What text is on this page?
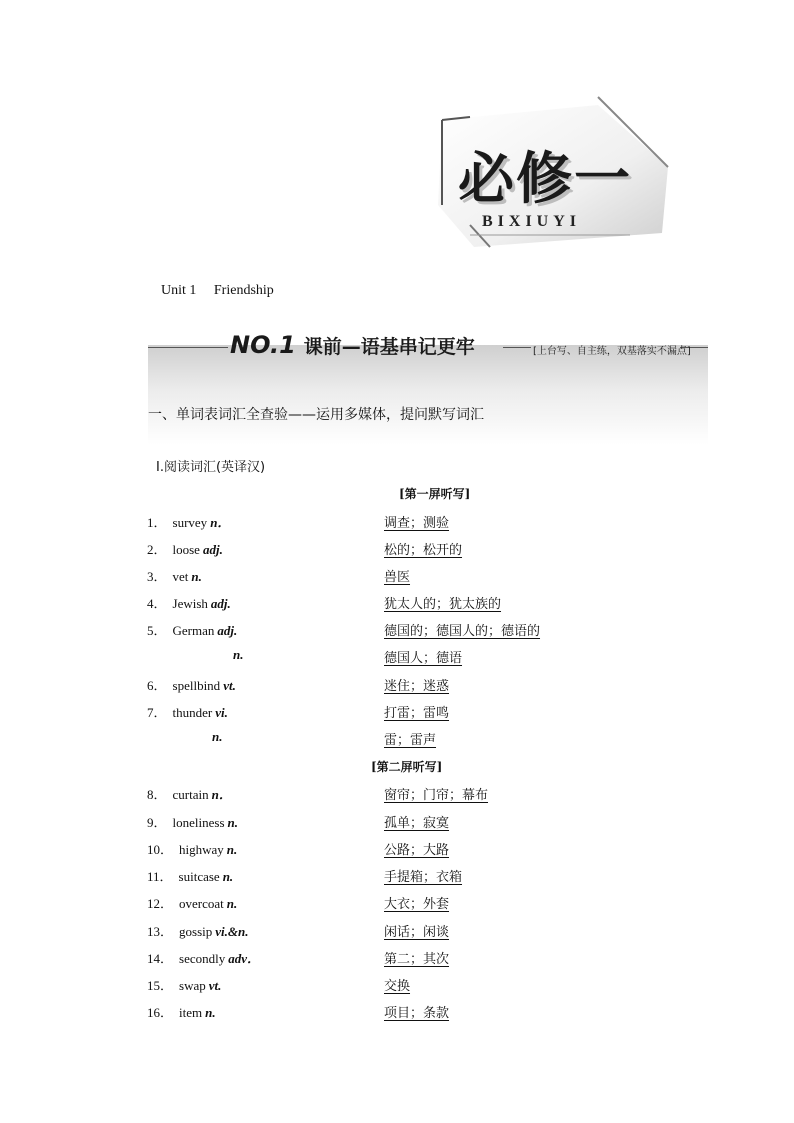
必修一
BIXIUYI
Unit 1 Friendship
NO.1 课前—语基串记更牢	[上台写、自主练，双基落实不漏点]
一、单词表词汇全查验——运用多媒体，提问默写词汇
Ⅰ.阅读词汇(英译汉)
[第一屏听写]
[第二屏听写]
1． survey n．	调查；测验
2． loose adj.	松的；松开的
3． vet n.	兽医
4． Jewish adj.	犹太人的；犹太族的
5． German adj.	德国的；德国人的；德语的
n.	德国人；德语
6． spellbind vt.	迷住；迷惑
7． thunder vi.	打雷；雷鸣
n.	雷；雷声
8． curtain n．	窗帘；门帘；幕布
9． loneliness n.	孤单；寂寞
10． highway n.	公路；大路
11． suitcase n.	手提箱；衣箱
12． overcoat n.	大衣；外套
13． gossip vi.&n.	闲话；闲谈
14． secondly adv．	第二；其次
15． swap vt.	交换
16． item n.	项目；条款
